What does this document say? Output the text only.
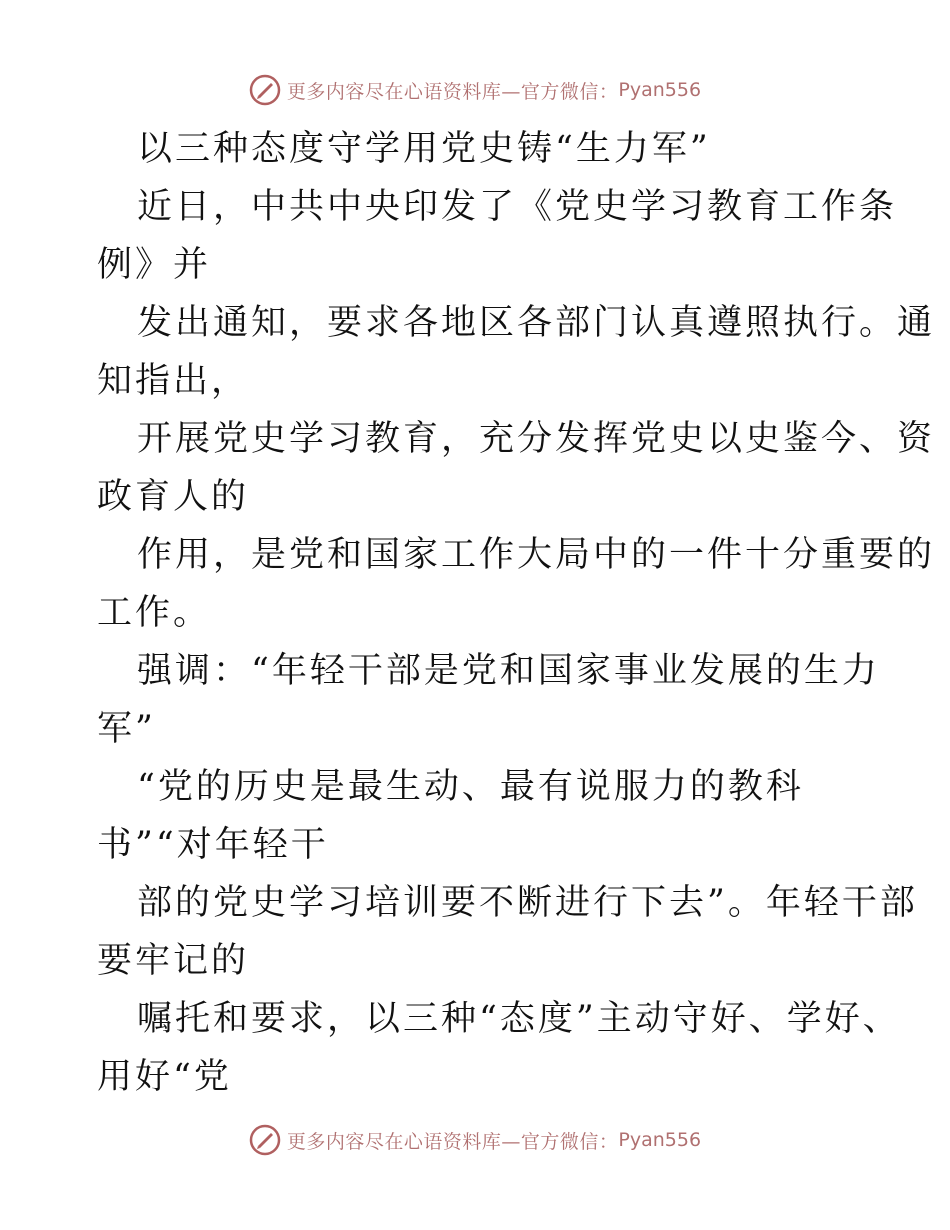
更多内容尽在心语资料库—官方微信： Pyan556
以三种态度守学用党史铸“生力军”
近日，中共中央印发了《党史学习教育工作条
例》并
发出通知，要求各地区各部门认真遵照执行。通
知指出，
开展党史学习教育，充分发挥党史以史鉴今、资
政育人的
作用，是党和国家工作大局中的一件十分重要的
工作。
强调：“年轻干部是党和国家事业发展的生力
军”
“党的历史是最生动、最有说服力的教科
书”“对年轻干
部的党史学习培训要不断进行下去”。年轻干部
要牢记的
嘱托和要求，以三种“态度”主动守好、学好、
用好“党
更多内容尽在心语资料库—官方微信： Pyan556
